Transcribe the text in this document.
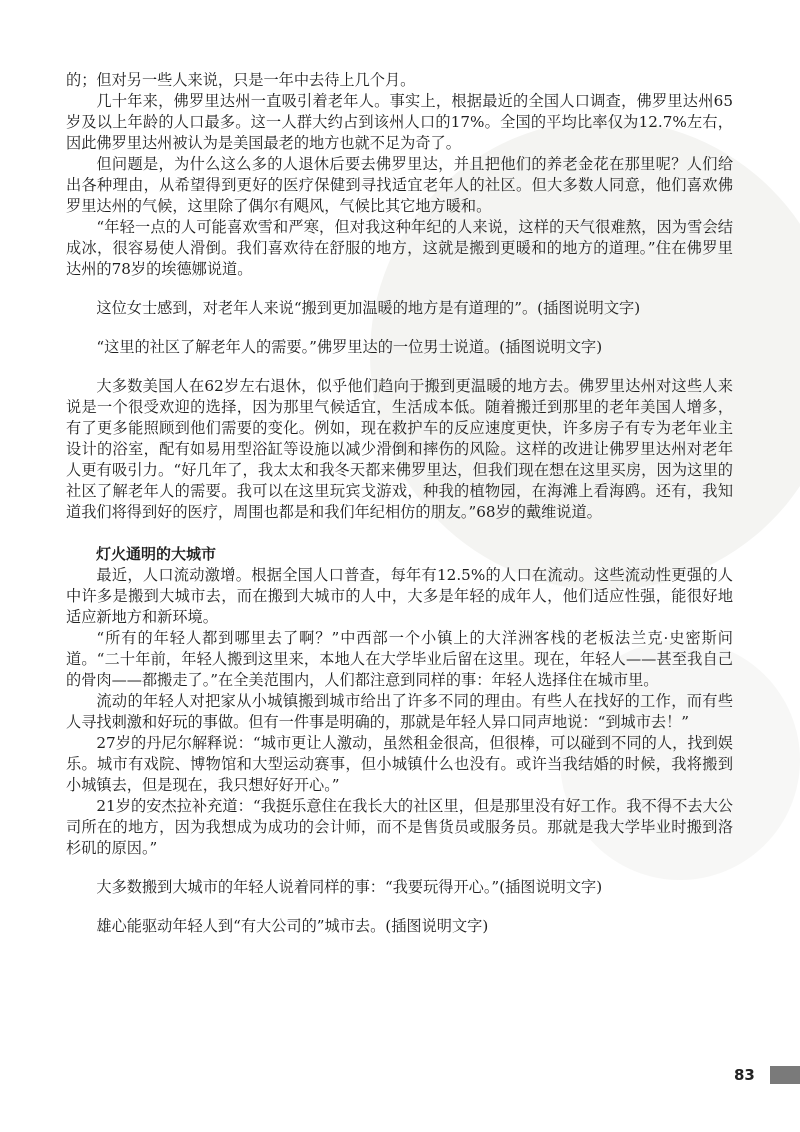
的；但对另一些人来说，只是一年中去待上几个月。

几十年来，佛罗里达州一直吸引着老年人。事实上，根据最近的全国人口调查，佛罗里达州65岁及以上年龄的人口最多。这一人群大约占到该州人口的17%。全国的平均比率仅为12.7%左右，因此佛罗里达州被认为是美国最老的地方也就不足为奇了。

但问题是，为什么这么多的人退休后要去佛罗里达，并且把他们的养老金花在那里呢？人们给出各种理由，从希望得到更好的医疗保健到寻找适宜老年人的社区。但大多数人同意，他们喜欢佛罗里达州的气候，这里除了偶尔有飓风，气候比其它地方暖和。

“年轻一点的人可能喜欢雪和严寒，但对我这种年纪的人来说，这样的天气很难熬，因为雪会结成冰，很容易使人滑倒。我们喜欢待在舒服的地方，这就是搬到更暖和的地方的道理。”住在佛罗里达州的78岁的埃德娜说道。

这位女士感到，对老年人来说“搬到更加温暖的地方是有道理的”。(插图说明文字)

“这里的社区了解老年人的需要。”佛罗里达的一位男士说道。(插图说明文字)

大多数美国人在62岁左右退休，似乎他们趋向于搬到更温暖的地方去。佛罗里达州对这些人来说是一个很受欢迎的选择，因为那里气候适宜，生活成本低。随着搬迁到那里的老年美国人增多，有了更多能照顾到他们需要的变化。例如，现在救护车的反应速度更快，许多房子有专为老年业主设计的浴室，配有如易用型浴缸等设施以减少滑倒和摔伤的风险。这样的改进让佛罗里达州对老年人更有吸引力。“好几年了，我太太和我冬天都来佛罗里达，但我们现在想在这里买房，因为这里的社区了解老年人的需要。我可以在这里玩宾戈游戏，种我的植物园，在海滩上看海鸥。还有，我知道我们将得到好的医疗，周围也都是和我们年纪相仿的朋友。”68岁的戴维说道。

灯火通明的大城市

最近，人口流动激增。根据全国人口普查，每年有12.5%的人口在流动。这些流动性更强的人中许多是搬到大城市去，而在搬到大城市的人中，大多是年轻的成年人，他们适应性强，能很好地适应新地方和新环境。

“所有的年轻人都到哪里去了啊？”中西部一个小镇上的大洋洲客栈的老板法兰克·史密斯问道。“二十年前，年轻人搬到这里来，本地人在大学毕业后留在这里。现在，年轻人——甚至我自己的骨肉——都搬走了。”在全美范围内，人们都注意到同样的事：年轻人选择住在城市里。

流动的年轻人对把家从小城镇搬到城市给出了许多不同的理由。有些人在找好的工作，而有些人寻找刺激和好玩的事做。但有一件事是明确的，那就是年轻人异口同声地说：“到城市去！”

27岁的丹尼尔解释说：“城市更让人激动，虽然租金很高，但很棒，可以碰到不同的人，找到娱乐。城市有戏院、博物馆和大型运动赛事，但小城镇什么也没有。或许当我结婚的时候，我将搬到小城镇去，但是现在，我只想好好开心。”

21岁的安杰拉补充道：“我挺乐意住在我长大的社区里，但是那里没有好工作。我不得不去大公司所在的地方，因为我想成为成功的会计师，而不是售货员或服务员。那就是我大学毕业时搬到洛杉矶的原因。”

大多数搬到大城市的年轻人说着同样的事：“我要玩得开心。”(插图说明文字)

雄心能驱动年轻人到“有大公司的”城市去。(插图说明文字)

83
